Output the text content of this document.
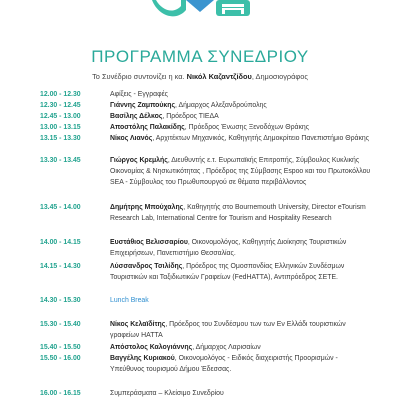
ΠΡΟΓΡΑΜΜΑ ΣΥΝΕΔΡΙΟΥ
Το Συνέδριο συντονίζει η κα. Νικόλ Καζαντζίδου, Δημοσιογράφος
12.00 - 12.30	Αφίξεις - Εγγραφές
12.30 - 12.45	Γιάννης Ζαμπούκης, Δήμαρχος Αλεξανδρούπολης
12.45 - 13.00	Βασίλης Δέλκος, Πρόεδρος ΤΙΕΔΑ
13.00 - 13.15	Αποστόλης Παλακίδης, Πρόεδρος Ένωσης Ξενοδόχων Θράκης
13.15 - 13.30	Νίκος Λιανός, Αρχιτέκτων Μηχανικός, Καθηγητής Δημοκρίτειο Πανεπιστήμιο Θράκης
13.30 - 13.45	Γιώργος Κρεμλής, Διευθυντής ε.τ. Ευρωπαϊκής Επιτροπής, Σύμβουλος Κυκλικής Οικονομίας & Νησιωτικότητας , Πρόεδρος της Σύμβασης Espoo και του Πρωτοκόλλου SEA - Σύμβουλος του Πρωθυπουργού σε θέματα περιβάλλοντος
13.45 - 14.00	Δημήτρης Μπούχαλης, Καθηγητής στο Bournemouth University, Director eTourism Research Lab, International Centre for Tourism and Hospitality Research
14.00 - 14.15	Ευστάθιος Βελισσαρίου, Οικονομολόγος, Καθηγητής Διοίκησης Τουριστικών Επιχειρήσεων, Πανεπιστήμιο Θεσσαλίας.
14.15 - 14.30	Λύσσανδρος Τσιλίδης, Πρόεδρος της Ομοσπονδίας Ελληνικών Συνδέσμων Τουριστικών και Ταξιδιωτικών Γραφείων (FedHATTA), Αντιπρόεδρος ΣΕΤΕ.
14.30 - 15.30	Lunch Break
15.30 - 15.40	Νίκος Κελαϊδίτης, Πρόεδρος του Συνδέσμου των των Εν Ελλάδι τουριστικών γραφείων HATTA
15.40 - 15.50	Απόστολος Καλογιάννης, Δήμαρχος Λαρισαίων
15.50 - 16.00	Βαγγέλης Κυριακού, Οικονομολόγος - Ειδικός διαχειριστής Προορισμών - Υπεύθυνος τουρισμού Δήμου Έδεσσας.
16.00 - 16.15	Συμπεράσματα – Κλείσιμο Συνεδρίου
